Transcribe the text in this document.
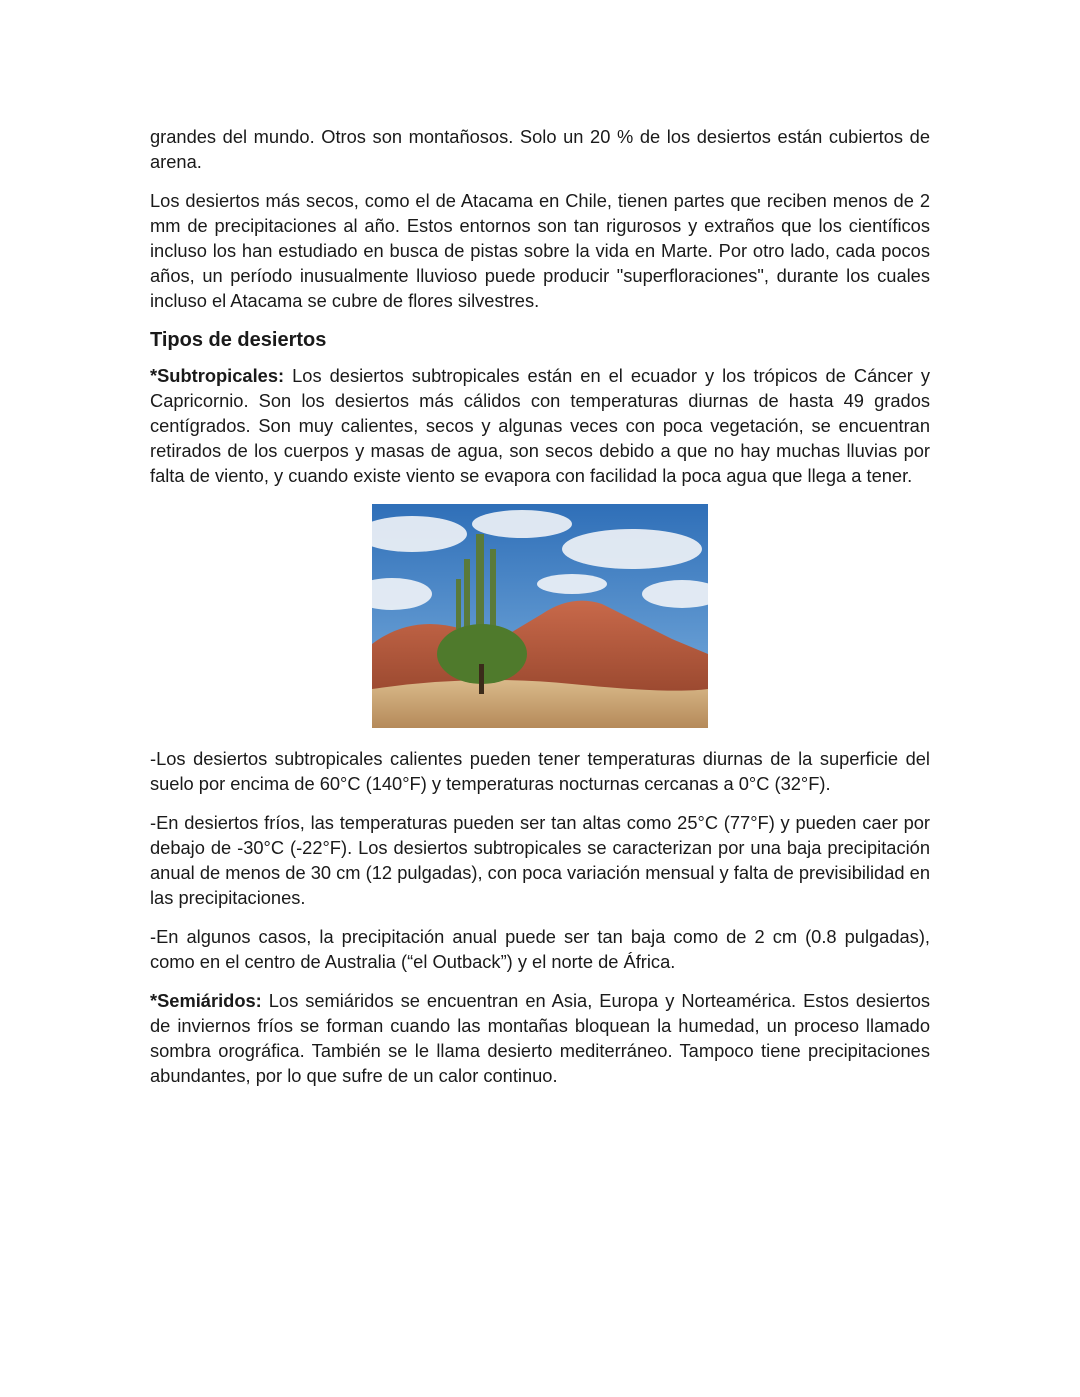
grandes del mundo. Otros son montañosos. Solo un 20 % de los desiertos están cubiertos de arena.

Los desiertos más secos, como el de Atacama en Chile, tienen partes que reciben menos de 2 mm de precipitaciones al año. Estos entornos son tan rigurosos y extraños que los científicos incluso los han estudiado en busca de pistas sobre la vida en Marte. Por otro lado, cada pocos años, un período inusualmente lluvioso puede producir "superfloraciones", durante los cuales incluso el Atacama se cubre de flores silvestres.

Tipos de desiertos

*Subtropicales: Los desiertos subtropicales están en el ecuador y los trópicos de Cáncer y Capricornio. Son los desiertos más cálidos con temperaturas diurnas de hasta 49 grados centígrados. Son muy calientes, secos y algunas veces con poca vegetación, se encuentran retirados de los cuerpos y masas de agua, son secos debido a que no hay muchas lluvias por falta de viento, y cuando existe viento se evapora con facilidad la poca agua que llega a tener.

-Los desiertos subtropicales calientes pueden tener temperaturas diurnas de la superficie del suelo por encima de 60°C (140°F) y temperaturas nocturnas cercanas a 0°C (32°F).

-En desiertos fríos, las temperaturas pueden ser tan altas como 25°C (77°F) y pueden caer por debajo de -30°C (-22°F). Los desiertos subtropicales se caracterizan por una baja precipitación anual de menos de 30 cm (12 pulgadas), con poca variación mensual y falta de previsibilidad en las precipitaciones.

-En algunos casos, la precipitación anual puede ser tan baja como de 2 cm (0.8 pulgadas), como en el centro de Australia (“el Outback”) y el norte de África.

*Semiáridos: Los semiáridos se encuentran en Asia, Europa y Norteamérica. Estos desiertos de inviernos fríos se forman cuando las montañas bloquean la humedad, un proceso llamado sombra orográfica. También se le llama desierto mediterráneo. Tampoco tiene precipitaciones abundantes, por lo que sufre de un calor continuo.
